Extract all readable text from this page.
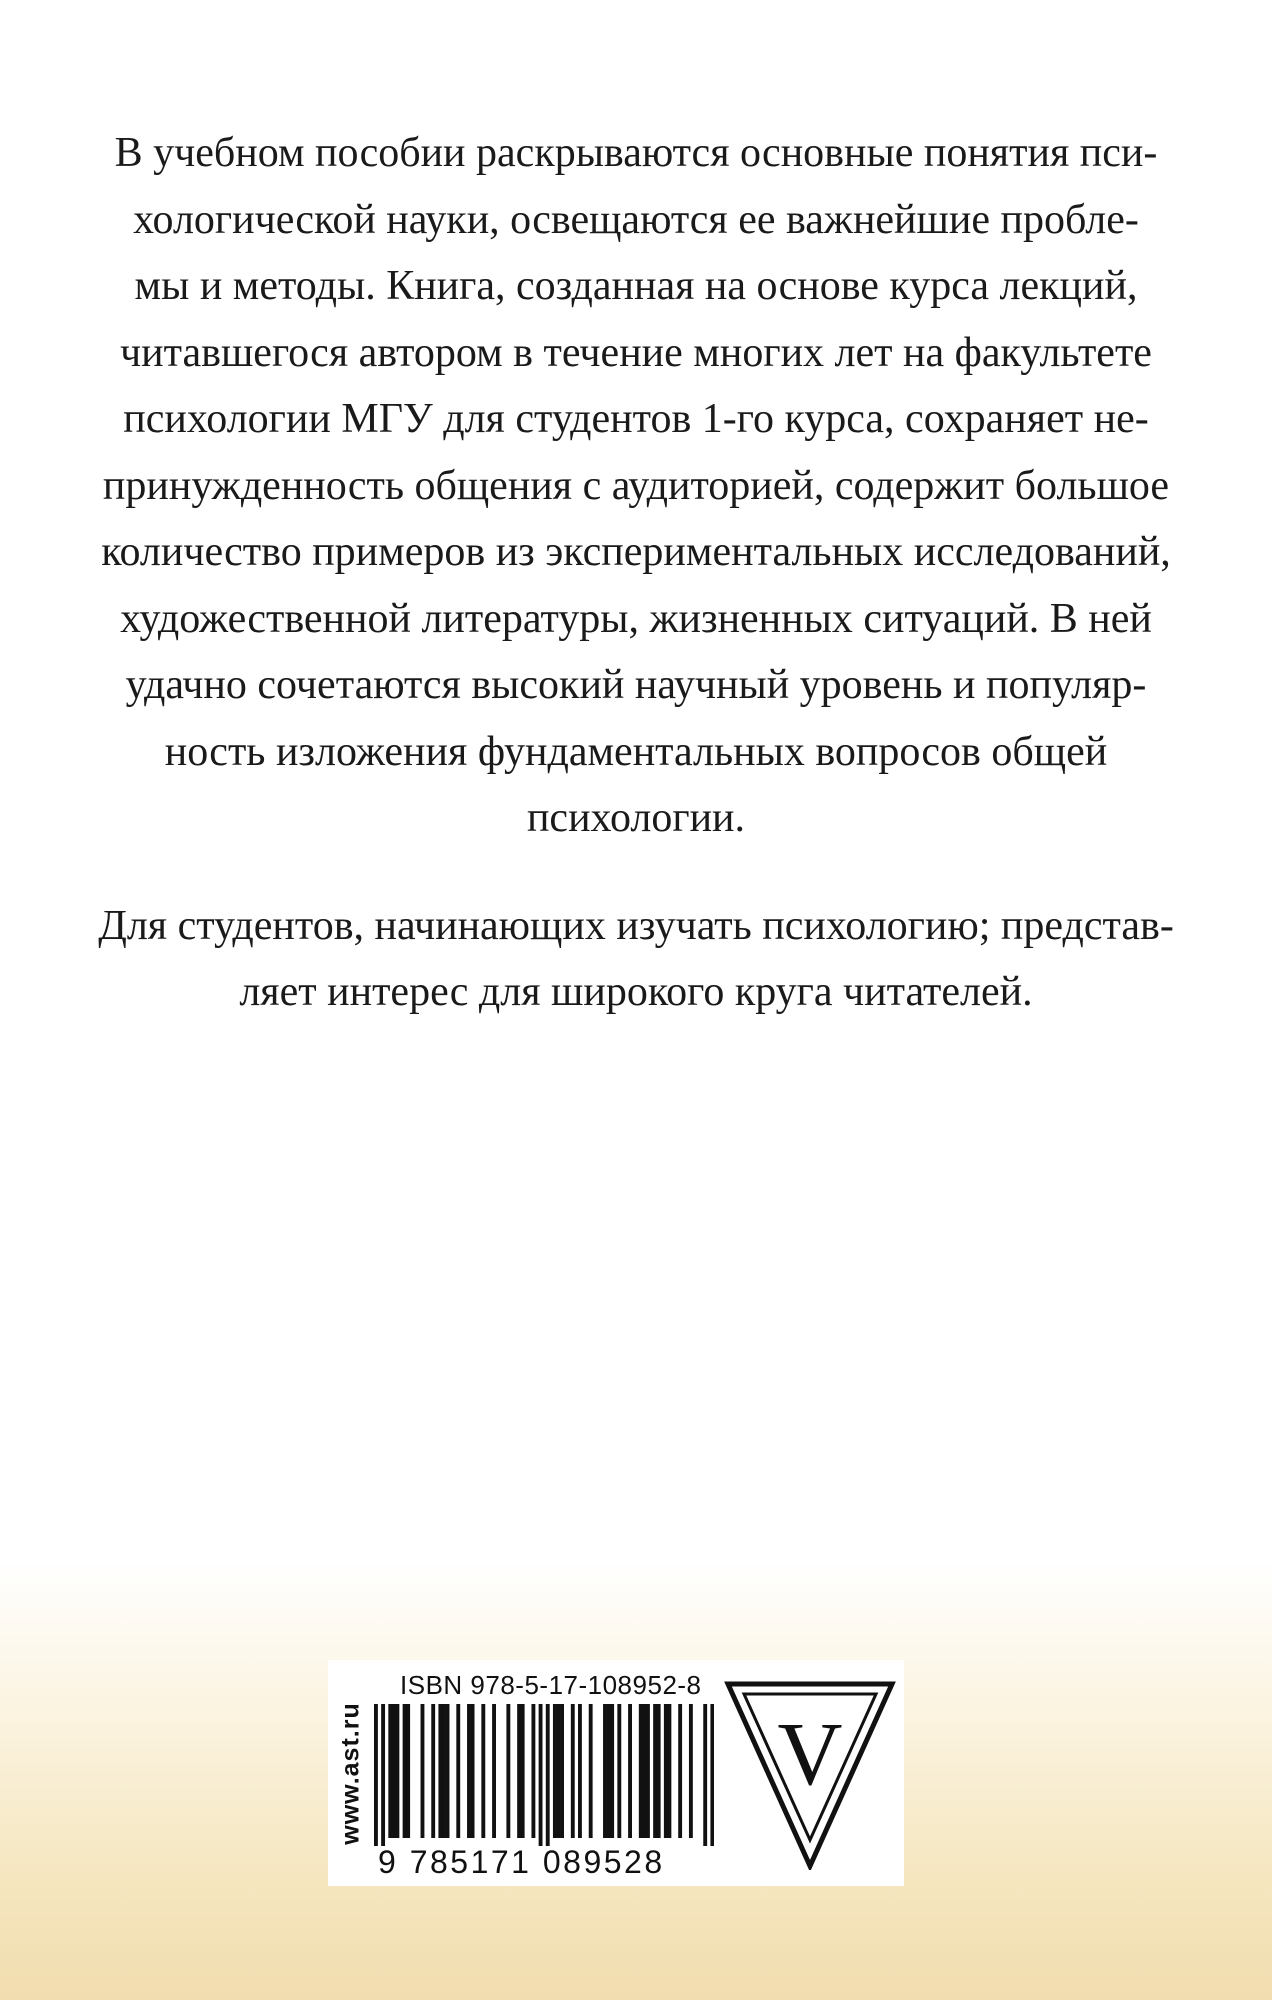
В учебном пособии раскрываются основные понятия пси-
хологической науки, освещаются ее важнейшие пробле-
мы и методы. Книга, созданная на основе курса лекций,
читавшегося автором в течение многих лет на факультете
психологии МГУ для студентов 1-го курса, сохраняет не-
принужденность общения с аудиторией, содержит большое
количество примеров из экспериментальных исследований,
художественной литературы, жизненных ситуаций. В ней
удачно сочетаются высокий научный уровень и популяр-
ность изложения фундаментальных вопросов общей
психологии.

Для студентов, начинающих изучать психологию; представ-
ляет интерес для широкого круга читателей.

www.ast.ru
ISBN 978-5-17-108952-8
9 785171 089528
V
